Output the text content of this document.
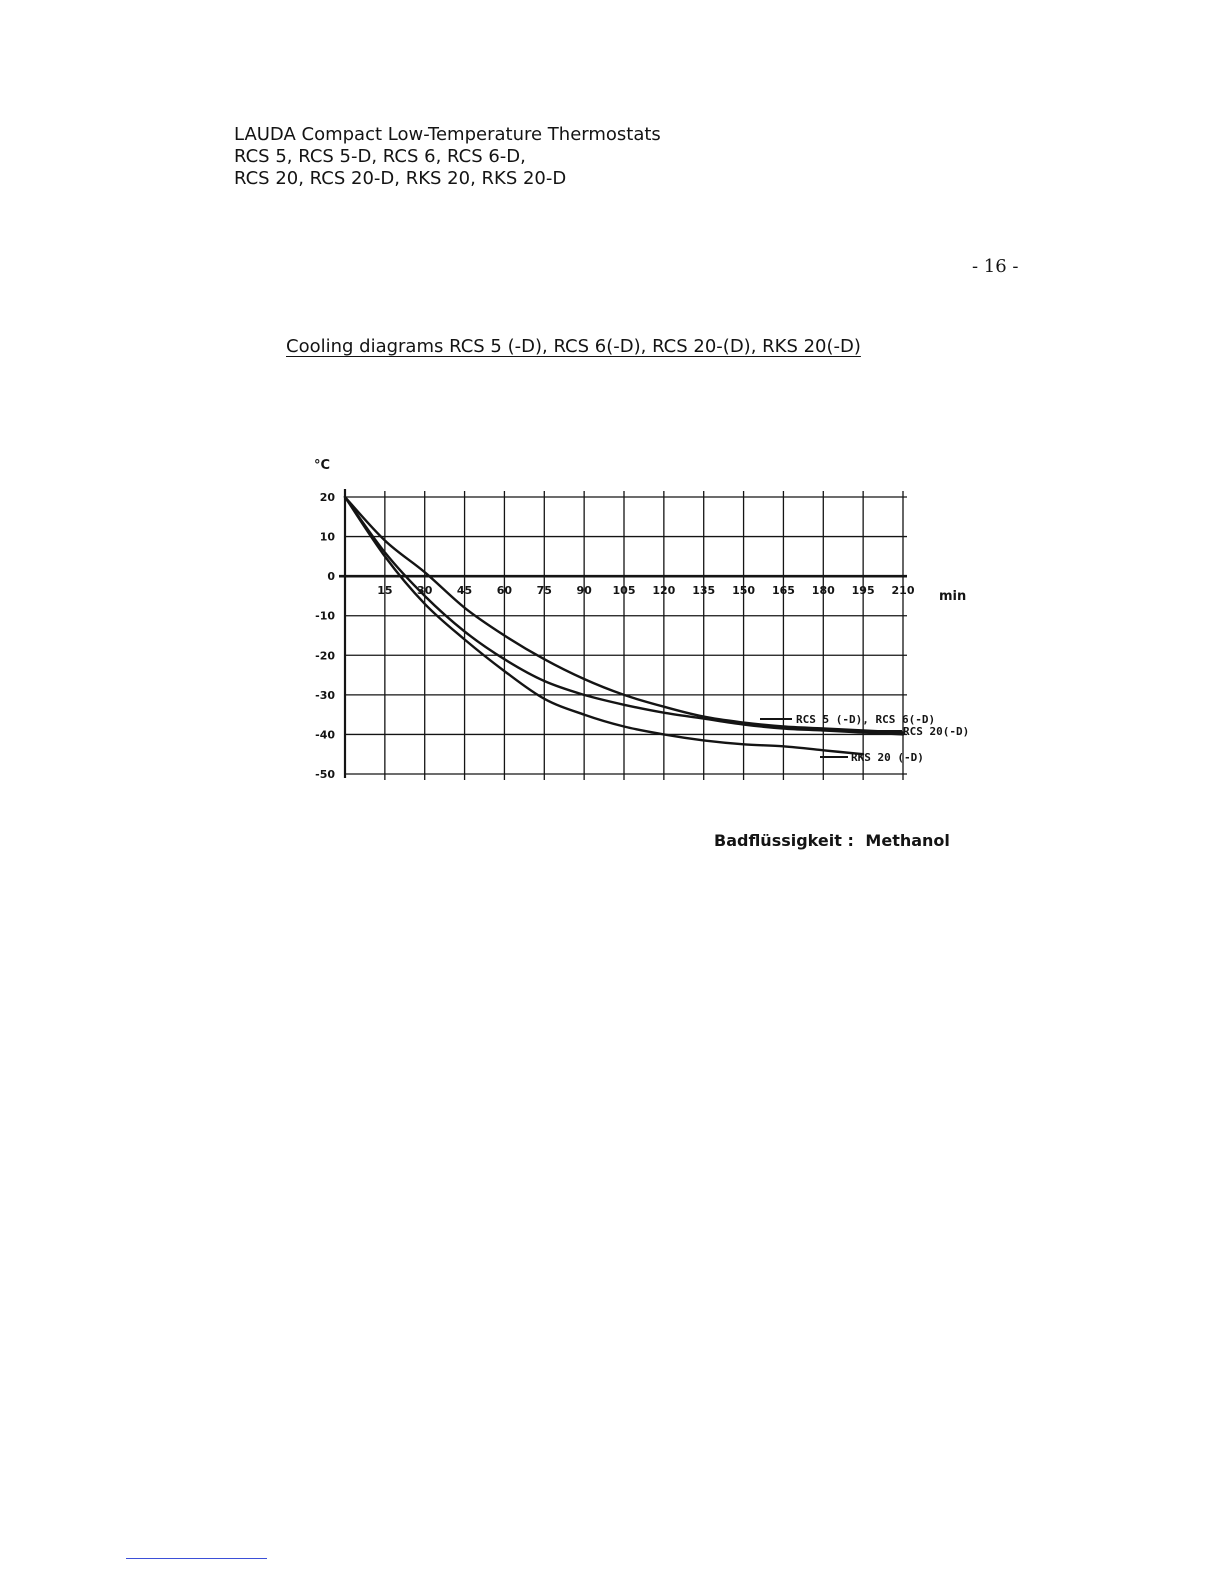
LAUDA Compact Low-Temperature Thermostats
RCS 5, RCS 5-D, RCS 6, RCS 6-D,
RCS 20, RCS 20-D, RKS 20, RKS 20-D
- 16 -
Cooling diagrams RCS 5 (-D), RCS 6(-D), RCS 20-(D), RKS 20(-D)
15 30 45 60 75 90 105 120 135 150 165 180 195 210
20
10
0
-10
-20
-30
-40
-50
RCS 5 (-D), RCS 6(-D)
RCS 20(-D)
RKS 20 (-D)
°C
min
Badflüssigkeit : Methanol
